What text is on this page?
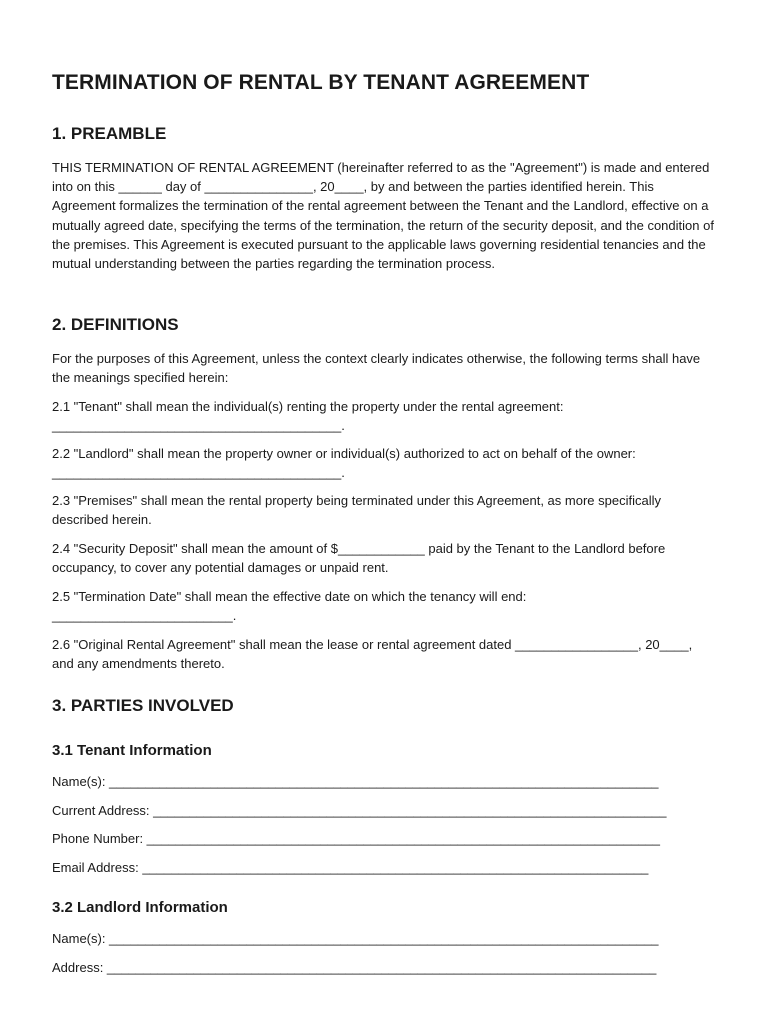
TERMINATION OF RENTAL BY TENANT AGREEMENT
1. PREAMBLE

THIS TERMINATION OF RENTAL AGREEMENT (hereinafter referred to as the "Agreement") is made and entered into on this ______ day of _______________, 20____, by and between the parties identified herein. This Agreement formalizes the termination of the rental agreement between the Tenant and the Landlord, effective on a mutually agreed date, specifying the terms of the termination, the return of the security deposit, and the condition of the premises. This Agreement is executed pursuant to the applicable laws governing residential tenancies and the mutual understanding between the parties regarding the termination process.

2. DEFINITIONS

For the purposes of this Agreement, unless the context clearly indicates otherwise, the following terms shall have the meanings specified herein:

2.1 "Tenant" shall mean the individual(s) renting the property under the rental agreement: ________________________________________.

2.2 "Landlord" shall mean the property owner or individual(s) authorized to act on behalf of the owner: ________________________________________.

2.3 "Premises" shall mean the rental property being terminated under this Agreement, as more specifically described herein.

2.4 "Security Deposit" shall mean the amount of $____________ paid by the Tenant to the Landlord before occupancy, to cover any potential damages or unpaid rent.

2.5 "Termination Date" shall mean the effective date on which the tenancy will end: _________________________.

2.6 "Original Rental Agreement" shall mean the lease or rental agreement dated _________________, 20____, and any amendments thereto.

3. PARTIES INVOLVED
3.1 Tenant Information

Name(s): ____________________________________________________________________________

Current Address: _______________________________________________________________________

Phone Number: _______________________________________________________________________

Email Address: ______________________________________________________________________

3.2 Landlord Information

Name(s): ____________________________________________________________________________

Address: ____________________________________________________________________________
